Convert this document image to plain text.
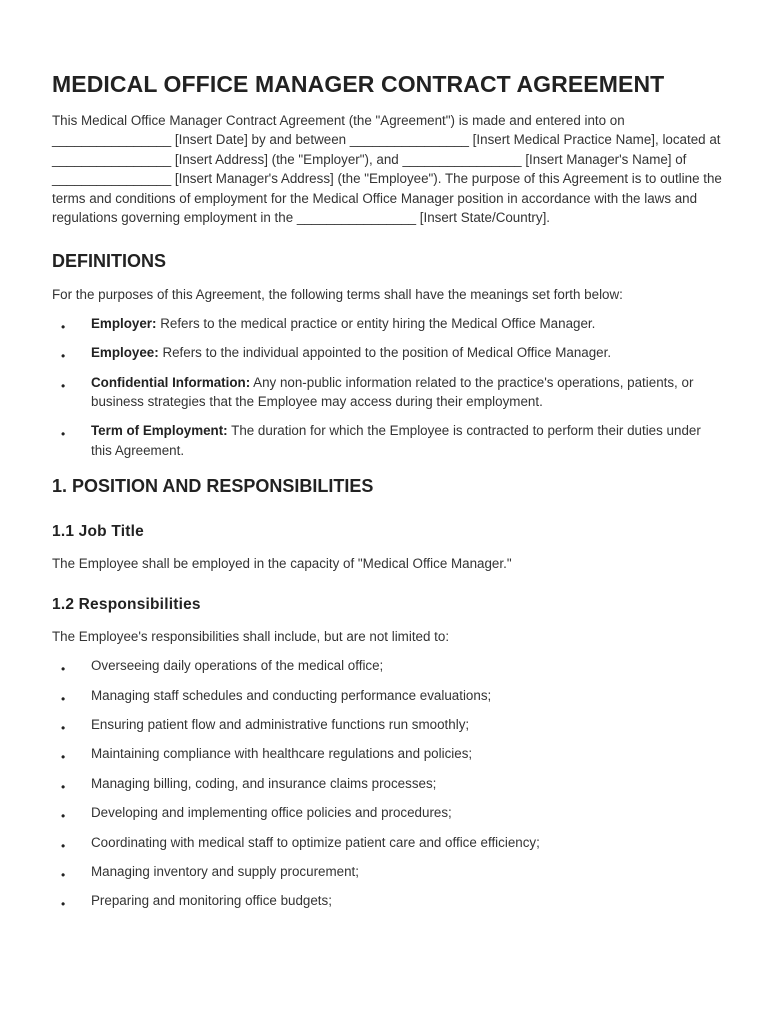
MEDICAL OFFICE MANAGER CONTRACT AGREEMENT

This Medical Office Manager Contract Agreement (the "Agreement") is made and entered into on ________________ [Insert Date] by and between ________________ [Insert Medical Practice Name], located at ________________ [Insert Address] (the "Employer"), and ________________ [Insert Manager's Name] of ________________ [Insert Manager's Address] (the "Employee"). The purpose of this Agreement is to outline the terms and conditions of employment for the Medical Office Manager position in accordance with the laws and regulations governing employment in the ________________ [Insert State/Country].

DEFINITIONS

For the purposes of this Agreement, the following terms shall have the meanings set forth below:

• Employer: Refers to the medical practice or entity hiring the Medical Office Manager.
• Employee: Refers to the individual appointed to the position of Medical Office Manager.
• Confidential Information: Any non-public information related to the practice's operations, patients, or business strategies that the Employee may access during their employment.
• Term of Employment: The duration for which the Employee is contracted to perform their duties under this Agreement.
1. POSITION AND RESPONSIBILITIES
1.1 Job Title

The Employee shall be employed in the capacity of "Medical Office Manager."

1.2 Responsibilities

The Employee's responsibilities shall include, but are not limited to:

• Overseeing daily operations of the medical office;
• Managing staff schedules and conducting performance evaluations;
• Ensuring patient flow and administrative functions run smoothly;
• Maintaining compliance with healthcare regulations and policies;
• Managing billing, coding, and insurance claims processes;
• Developing and implementing office policies and procedures;
• Coordinating with medical staff to optimize patient care and office efficiency;
• Managing inventory and supply procurement;
• Preparing and monitoring office budgets;
